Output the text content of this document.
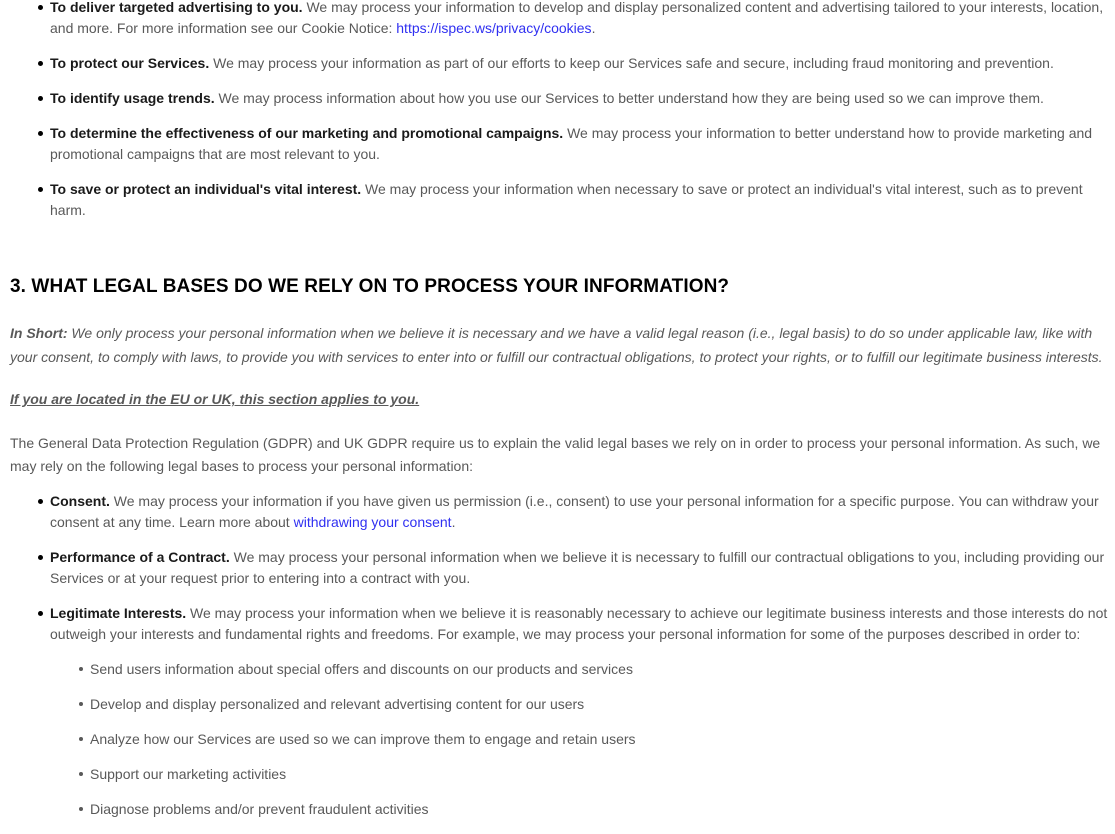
To deliver targeted advertising to you. We may process your information to develop and display personalized content and advertising tailored to your interests, location, and more. For more information see our Cookie Notice: https://ispec.ws/privacy/cookies.
To protect our Services. We may process your information as part of our efforts to keep our Services safe and secure, including fraud monitoring and prevention.
To identify usage trends. We may process information about how you use our Services to better understand how they are being used so we can improve them.
To determine the effectiveness of our marketing and promotional campaigns. We may process your information to better understand how to provide marketing and promotional campaigns that are most relevant to you.
To save or protect an individual's vital interest. We may process your information when necessary to save or protect an individual's vital interest, such as to prevent harm.
3. WHAT LEGAL BASES DO WE RELY ON TO PROCESS YOUR INFORMATION?
In Short: We only process your personal information when we believe it is necessary and we have a valid legal reason (i.e., legal basis) to do so under applicable law, like with your consent, to comply with laws, to provide you with services to enter into or fulfill our contractual obligations, to protect your rights, or to fulfill our legitimate business interests.
If you are located in the EU or UK, this section applies to you.
The General Data Protection Regulation (GDPR) and UK GDPR require us to explain the valid legal bases we rely on in order to process your personal information. As such, we may rely on the following legal bases to process your personal information:
Consent. We may process your information if you have given us permission (i.e., consent) to use your personal information for a specific purpose. You can withdraw your consent at any time. Learn more about withdrawing your consent.
Performance of a Contract. We may process your personal information when we believe it is necessary to fulfill our contractual obligations to you, including providing our Services or at your request prior to entering into a contract with you.
Legitimate Interests. We may process your information when we believe it is reasonably necessary to achieve our legitimate business interests and those interests do not outweigh your interests and fundamental rights and freedoms. For example, we may process your personal information for some of the purposes described in order to:
Send users information about special offers and discounts on our products and services
Develop and display personalized and relevant advertising content for our users
Analyze how our Services are used so we can improve them to engage and retain users
Support our marketing activities
Diagnose problems and/or prevent fraudulent activities
